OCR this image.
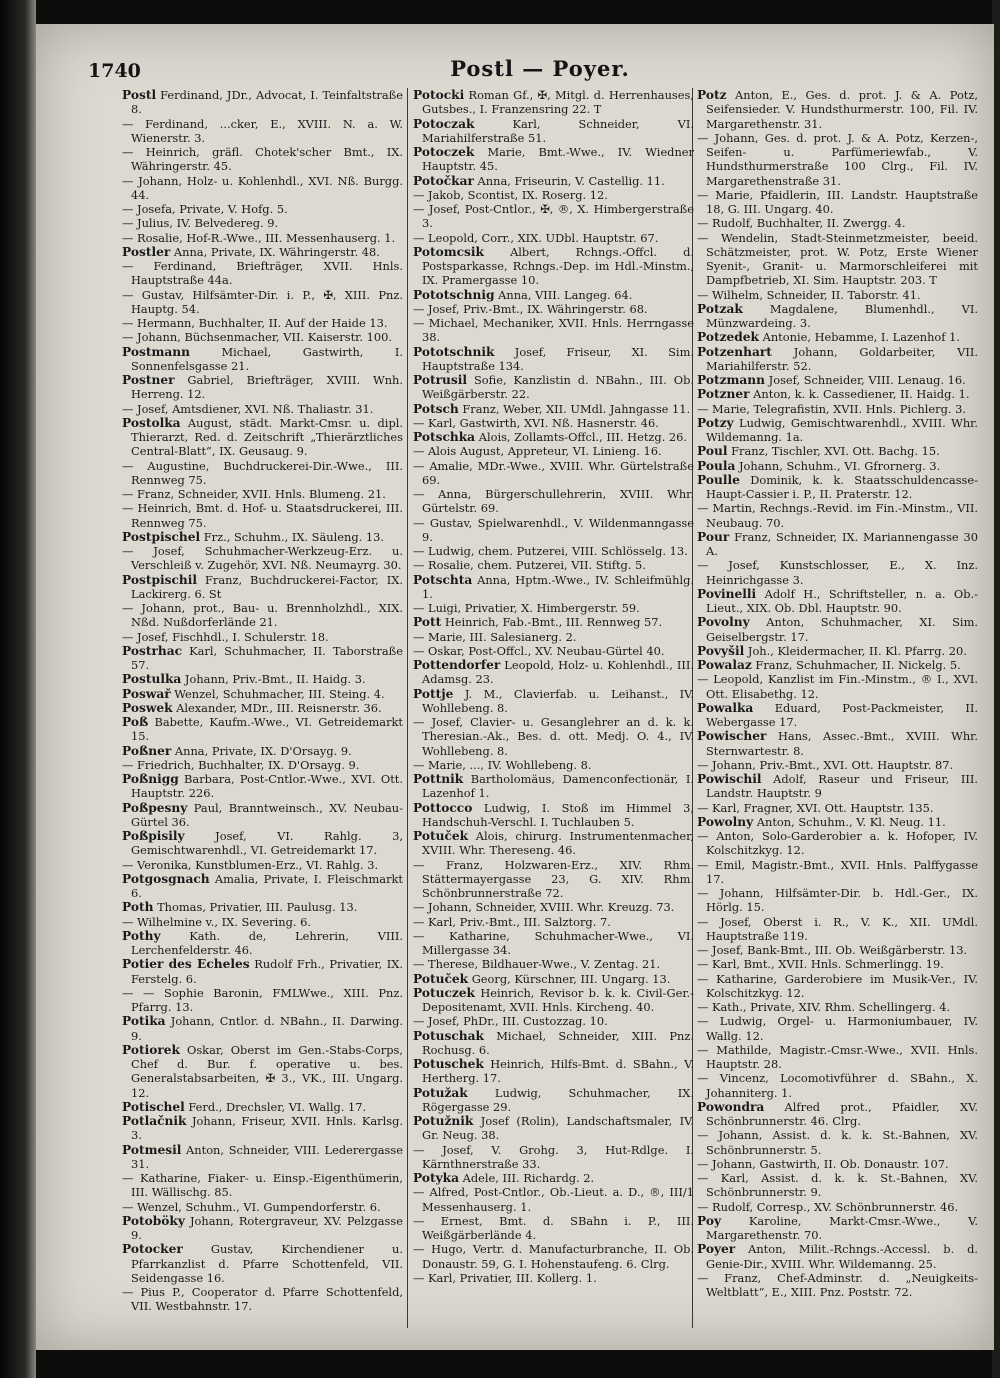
1740	Postl — Poyer.

Postl Ferdinand, JDr., Advocat, I. Teinfaltstraße 8.

— Ferdinand, ...cker, E., XVIII. N. a. W. Wienerstr. 3.

— Heinrich, gräfl. Chotek'scher Bmt., IX. Währingerstr. 45.

— Johann, Holz- u. Kohlenhdl., XVI. Nß. Burgg. 44.

— Josefa, Private, V. Hofg. 5.

— Julius, IV. Belvedereg. 9.

— Rosalie, Hof-R.-Wwe., III. Messenhauserg. 1.

Postler Anna, Private, IX. Währingerstr. 48.

— Ferdinand, Briefträger, XVII. Hnls. Hauptstraße 44a.

— Gustav, Hilfsämter-Dir. i. P., ✠, XIII. Pnz. Hauptg. 54.

— Hermann, Buchhalter, II. Auf der Haide 13.

— Johann, Büchsenmacher, VII. Kaiserstr. 100.

Postmann Michael, Gastwirth, I. Sonnenfelsgasse 21.

Postner Gabriel, Briefträger, XVIII. Wnh. Herreng. 12.

— Josef, Amtsdiener, XVI. Nß. Thaliastr. 31.

Postolka August, städt. Markt-Cmsr. u. dipl. Thierarzt, Red. d. Zeitschrift „Thierärztliches Central-Blatt“, IX. Geusaug. 9.

— Augustine, Buchdruckerei-Dir.-Wwe., III. Rennweg 75.

— Franz, Schneider, XVII. Hnls. Blumeng. 21.

— Heinrich, Bmt. d. Hof- u. Staatsdruckerei, III. Rennweg 75.

Postpischel Frz., Schuhm., IX. Säuleng. 13.

— Josef, Schuhmacher-Werkzeug-Erz. u. Verschleiß v. Zugehör, XVI. Nß. Neumayrg. 30.

Postpischil Franz, Buchdruckerei-Factor, IX. Lackirerg. 6. St

— Johann, prot., Bau- u. Brennholzhdl., XIX. Nßd. Nußdorferlände 21.

— Josef, Fischhdl., I. Schulerstr. 18.

Postrhac Karl, Schuhmacher, II. Taborstraße 57.

Postulka Johann, Priv.-Bmt., II. Haidg. 3.

Poswař Wenzel, Schuhmacher, III. Steing. 4.

Poswek Alexander, MDr., III. Reisnerstr. 36.

Poß Babette, Kaufm.-Wwe., VI. Getreidemarkt 15.

Poßner Anna, Private, IX. D'Orsayg. 9.

— Friedrich, Buchhalter, IX. D'Orsayg. 9.

Poßnigg Barbara, Post-Cntlor.-Wwe., XVI. Ott. Hauptstr. 226.

Poßpesny Paul, Branntweinsch., XV. Neubau-Gürtel 36.

Poßpisily Josef, VI. Rahlg. 3, Gemischtwarenhdl., VI. Getreidemarkt 17.

— Veronika, Kunstblumen-Erz., VI. Rahlg. 3.

Potgosgnach Amalia, Private, I. Fleischmarkt 6.

Poth Thomas, Privatier, III. Paulusg. 13.

— Wilhelmine v., IX. Severing. 6.

Pothy Kath. de, Lehrerin, VIII. Lerchenfelderstr. 46.

Potier des Echeles Rudolf Frh., Privatier, IX. Ferstelg. 6.

— — Sophie Baronin, FMLWwe., XIII. Pnz. Pfarrg. 13.

Potika Johann, Cntlor. d. NBahn., II. Darwing. 9.

Potiorek Oskar, Oberst im Gen.-Stabs-Corps, Chef d. Bur. f. operative u. bes. Generalstabsarbeiten, ✠ 3., VK., III. Ungarg. 12.

Potischel Ferd., Drechsler, VI. Wallg. 17.

Potlačnik Johann, Friseur, XVII. Hnls. Karlsg. 3.

Potmesil Anton, Schneider, VIII. Lederergasse 31.

— Katharine, Fiaker- u. Einsp.-Eigenthümerin, III. Wällischg. 85.

— Wenzel, Schuhm., VI. Gumpendorferstr. 6.

Potoböky Johann, Rotergraveur, XV. Pelzgasse 9.

Potocker Gustav, Kirchendiener u. Pfarrkanzlist d. Pfarre Schottenfeld, VII. Seidengasse 16.

— Pius P., Cooperator d. Pfarre Schottenfeld, VII. Westbahnstr. 17.

Potocki Roman Gf., ✠, Mitgl. d. Herrenhauses, Gutsbes., I. Franzensring 22. T

Potoczak Karl, Schneider, VI. Mariahilferstraße 51.

Potoczek Marie, Bmt.-Wwe., IV. Wiedner Hauptstr. 45.

Potočkar Anna, Friseurin, V. Castellig. 11.

— Jakob, Scontist, IX. Roserg. 12.

— Josef, Post-Cntlor., ✠, ®, X. Himbergerstraße 3.

— Leopold, Corr., XIX. UDbl. Hauptstr. 67.

Potomcsik Albert, Rchngs.-Offcl. d. Postsparkasse, Rchngs.-Dep. im Hdl.-Minstm., IX. Pramergasse 10.

Pototschnig Anna, VIII. Langeg. 64.

— Josef, Priv.-Bmt., IX. Währingerstr. 68.

— Michael, Mechaniker, XVII. Hnls. Herrngasse 38.

Pototschnik Josef, Friseur, XI. Sim. Hauptstraße 134.

Potrusil Sofie, Kanzlistin d. NBahn., III. Ob. Weißgärberstr. 22.

Potsch Franz, Weber, XII. UMdl. Jahngasse 11.

— Karl, Gastwirth, XVI. Nß. Hasnerstr. 46.

Potschka Alois, Zollamts-Offcl., III. Hetzg. 26.

— Alois August, Appreteur, VI. Linieng. 16.

— Amalie, MDr.-Wwe., XVIII. Whr. Gürtelstraße 69.

— Anna, Bürgerschullehrerin, XVIII. Whr. Gürtelstr. 69.

— Gustav, Spielwarenhdl., V. Wildenmanngasse 9.

— Ludwig, chem. Putzerei, VIII. Schlösselg. 13.

— Rosalie, chem. Putzerei, VII. Stiftg. 5.

Potschta Anna, Hptm.-Wwe., IV. Schleifmühlg. 1.

— Luigi, Privatier, X. Himbergerstr. 59.

Pott Heinrich, Fab.-Bmt., III. Rennweg 57.

— Marie, III. Salesianerg. 2.

— Oskar, Post-Offcl., XV. Neubau-Gürtel 40.

Pottendorfer Leopold, Holz- u. Kohlenhdl., III. Adamsg. 23.

Pottje J. M., Clavierfab. u. Leihanst., IV. Wohllebeng. 8.

— Josef, Clavier- u. Gesanglehrer an d. k. k. Theresian.-Ak., Bes. d. ott. Medj. O. 4., IV. Wohllebeng. 8.

— Marie, ..., IV. Wohllebeng. 8.

Pottnik Bartholomäus, Damenconfectionär, I. Lazenhof 1.

Pottocco Ludwig, I. Stoß im Himmel 3, Handschuh-Verschl. I. Tuchlauben 5.

Potuček Alois, chirurg. Instrumentenmacher, XVIII. Whr. Thereseng. 46.

— Franz, Holzwaren-Erz., XIV. Rhm. Stättermayergasse 23, G. XIV. Rhm. Schönbrunnerstraße 72.

— Johann, Schneider, XVIII. Whr. Kreuzg. 73.

— Karl, Priv.-Bmt., III. Salztorg. 7.

— Katharine, Schuhmacher-Wwe., VI. Millergasse 34.

— Therese, Bildhauer-Wwe., V. Zentag. 21.

Potuček Georg, Kürschner, III. Ungarg. 13.

Potuczek Heinrich, Revisor b. k. k. Civil-Ger.-Depositenamt, XVII. Hnls. Kircheng. 40.

— Josef, PhDr., III. Custozzag. 10.

Potuschak Michael, Schneider, XIII. Pnz. Rochusg. 6.

Potuschek Heinrich, Hilfs-Bmt. d. SBahn., V. Hertherg. 17.

Potužak Ludwig, Schuhmacher, IX. Rögergasse 29.

Potužnik Josef (Rolin), Landschaftsmaler, IV. Gr. Neug. 38.

— Josef, V. Grohg. 3, Hut-Rdlge. I. Kärnthnerstraße 33.

Potyka Adele, III. Richardg. 2.

— Alfred, Post-Cntlor., Ob.-Lieut. a. D., ®, III/1 Messenhauserg. 1.

— Ernest, Bmt. d. SBahn i. P., III. Weißgärberlände 4.

— Hugo, Vertr. d. Manufacturbranche, II. Ob. Donaustr. 59, G. I. Hohenstaufeng. 6. Clrg.

— Karl, Privatier, III. Kollerg. 1.

Potz Anton, E., Ges. d. prot. J. & A. Potz, Seifensieder. V. Hundsthurmerstr. 100, Fil. IV. Margarethenstr. 31.

— Johann, Ges. d. prot. J. & A. Potz, Kerzen-, Seifen- u. Parfümeriewfab., V. Hundsthurmerstraße 100 Clrg., Fil. IV. Margarethenstraße 31.

— Marie, Pfaidlerin, III. Landstr. Hauptstraße 18, G. III. Ungarg. 40.

— Rudolf, Buchhalter, II. Zwergg. 4.

— Wendelin, Stadt-Steinmetzmeister, beeid. Schätzmeister, prot. W. Potz, Erste Wiener Syenit-, Granit- u. Marmorschleiferei mit Dampfbetrieb, XI. Sim. Hauptstr. 203. T

— Wilhelm, Schneider, II. Taborstr. 41.

Potzak Magdalene, Blumenhdl., VI. Münzwardeing. 3.

Potzedek Antonie, Hebamme, I. Lazenhof 1.

Potzenhart Johann, Goldarbeiter, VII. Mariahilferstr. 52.

Potzmann Josef, Schneider, VIII. Lenaug. 16.

Potzner Anton, k. k. Cassediener, II. Haidg. 1.

— Marie, Telegrafistin, XVII. Hnls. Pichlerg. 3.

Potzy Ludwig, Gemischtwarenhdl., XVIII. Whr. Wildemanng. 1a.

Poul Franz, Tischler, XVI. Ott. Bachg. 15.

Poula Johann, Schuhm., VI. Gfrornerg. 3.

Poulle Dominik, k. k. Staatsschuldencasse-Haupt-Cassier i. P., II. Praterstr. 12.

— Martin, Rechngs.-Revid. im Fin.-Minstm., VII. Neubaug. 70.

Pour Franz, Schneider, IX. Mariannengasse 30 A.

— Josef, Kunstschlosser, E., X. Inz. Heinrichgasse 3.

Povinelli Adolf H., Schriftsteller, n. a. Ob.-Lieut., XIX. Ob. Dbl. Hauptstr. 90.

Povolny Anton, Schuhmacher, XI. Sim. Geiselbergstr. 17.

Povyšil Joh., Kleidermacher, II. Kl. Pfarrg. 20.

Powalaz Franz, Schuhmacher, II. Nickelg. 5.

— Leopold, Kanzlist im Fin.-Minstm., ® I., XVI. Ott. Elisabethg. 12.

Powalka Eduard, Post-Packmeister, II. Webergasse 17.

Powischer Hans, Assec.-Bmt., XVIII. Whr. Sternwartestr. 8.

— Johann, Priv.-Bmt., XVI. Ott. Hauptstr. 87.

Powischil Adolf, Raseur und Friseur, III. Landstr. Hauptstr. 9

— Karl, Fragner, XVI. Ott. Hauptstr. 135.

Powolny Anton, Schuhm., V. Kl. Neug. 11.

— Anton, Solo-Garderobier a. k. Hofoper, IV. Kolschitzkyg. 12.

— Emil, Magistr.-Bmt., XVII. Hnls. Palffygasse 17.

— Johann, Hilfsämter-Dir. b. Hdl.-Ger., IX. Hörlg. 15.

— Josef, Oberst i. R., V. K., XII. UMdl. Hauptstraße 119.

— Josef, Bank-Bmt., III. Ob. Weißgärberstr. 13.

— Karl, Bmt., XVII. Hnls. Schmerlingg. 19.

— Katharine, Garderobiere im Musik-Ver., IV. Kolschitzkyg. 12.

— Kath., Private, XIV. Rhm. Schellingerg. 4.

— Ludwig, Orgel- u. Harmoniumbauer, IV. Wallg. 12.

— Mathilde, Magistr.-Cmsr.-Wwe., XVII. Hnls. Hauptstr. 28.

— Vincenz, Locomotivführer d. SBahn., X. Johanniterg. 1.

Powondra Alfred prot., Pfaidler, XV. Schönbrunnerstr. 46. Clrg.

— Johann, Assist. d. k. k. St.-Bahnen, XV. Schönbrunnerstr. 5.

— Johann, Gastwirth, II. Ob. Donaustr. 107.

— Karl, Assist. d. k. k. St.-Bahnen, XV. Schönbrunnerstr. 9.

— Rudolf, Corresp., XV. Schönbrunnerstr. 46.

Poy Karoline, Markt-Cmsr.-Wwe., V. Margarethenstr. 70.

Poyer Anton, Milit.-Rchngs.-Accessl. b. d. Genie-Dir., XVIII. Whr. Wildemanng. 25.

— Franz, Chef-Adminstr. d. „Neuigkeits-Weltblatt“, E., XIII. Pnz. Poststr. 72.
